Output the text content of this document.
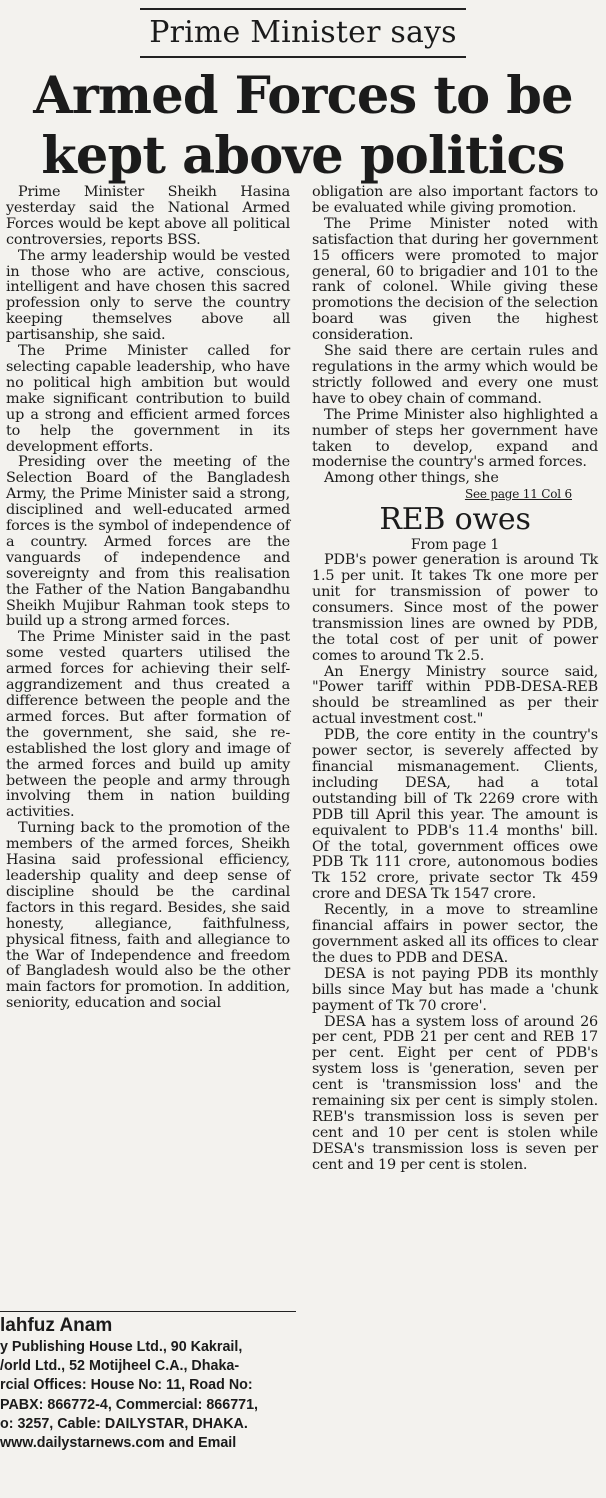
Prime Minister says
Armed Forces to be
kept above politics

Prime Minister Sheikh Hasina yesterday said the National Armed Forces would be kept above all political controversies, reports BSS.

The army leadership would be vested in those who are active, conscious, intelligent and have chosen this sacred profession only to serve the country keeping themselves above all partisanship, she said.

The Prime Minister called for selecting capable leadership, who have no political high ambition but would make significant contribution to build up a strong and efficient armed forces to help the government in its development efforts.

Presiding over the meeting of the Selection Board of the Bangladesh Army, the Prime Minister said a strong, disciplined and well-educated armed forces is the symbol of independence of a country. Armed forces are the vanguards of independence and sovereignty and from this realisation the Father of the Nation Bangabandhu Sheikh Mujibur Rahman took steps to build up a strong armed forces.

The Prime Minister said in the past some vested quarters utilised the armed forces for achieving their self-aggrandizement and thus created a difference between the people and the armed forces. But after formation of the government, she said, she re-established the lost glory and image of the armed forces and build up amity between the people and army through involving them in nation building activities.

Turning back to the promotion of the members of the armed forces, Sheikh Hasina said professional efficiency, leadership quality and deep sense of discipline should be the cardinal factors in this regard. Besides, she said honesty, allegiance, faithfulness, physical fitness, faith and allegiance to the War of Independence and freedom of Bangladesh would also be the other main factors for promotion. In addition, seniority, education and social

obligation are also important factors to be evaluated while giving promotion.

The Prime Minister noted with satisfaction that during her government 15 officers were promoted to major general, 60 to brigadier and 101 to the rank of colonel. While giving these promotions the decision of the selection board was given the highest consideration.

She said there are certain rules and regulations in the army which would be strictly followed and every one must have to obey chain of command.

The Prime Minister also highlighted a number of steps her government have taken to develop, expand and modernise the country's armed forces.

Among other things, she

See page 11 Col 6
REB owes
From page 1

PDB's power generation is around Tk 1.5 per unit. It takes Tk one more per unit for transmission of power to consumers. Since most of the power transmission lines are owned by PDB, the total cost of per unit of power comes to around Tk 2.5.

An Energy Ministry source said, "Power tariff within PDB-DESA-REB should be streamlined as per their actual investment cost."

PDB, the core entity in the country's power sector, is severely affected by financial mismanagement. Clients, including DESA, had a total outstanding bill of Tk 2269 crore with PDB till April this year. The amount is equivalent to PDB's 11.4 months' bill. Of the total, government offices owe PDB Tk 111 crore, autonomous bodies Tk 152 crore, private sector Tk 459 crore and DESA Tk 1547 crore.

Recently, in a move to streamline financial affairs in power sector, the government asked all its offices to clear the dues to PDB and DESA.

DESA is not paying PDB its monthly bills since May but has made a 'chunk payment of Tk 70 crore'.

DESA has a system loss of around 26 per cent, PDB 21 per cent and REB 17 per cent. Eight per cent of PDB's system loss is 'generation, seven per cent is 'transmission loss' and the remaining six per cent is simply stolen. REB's transmission loss is seven per cent and 10 per cent is stolen while DESA's transmission loss is seven per cent and 19 per cent is stolen.

lahfuz Anam
y Publishing House Ltd., 90 Kakrail,
/orld Ltd., 52 Motijheel C.A., Dhaka-
rcial Offices: House No: 11, Road No:
PABX: 866772-4, Commercial: 866771,
o: 3257, Cable: DAILYSTAR, DHAKA.
www.dailystarnews.com and Email
